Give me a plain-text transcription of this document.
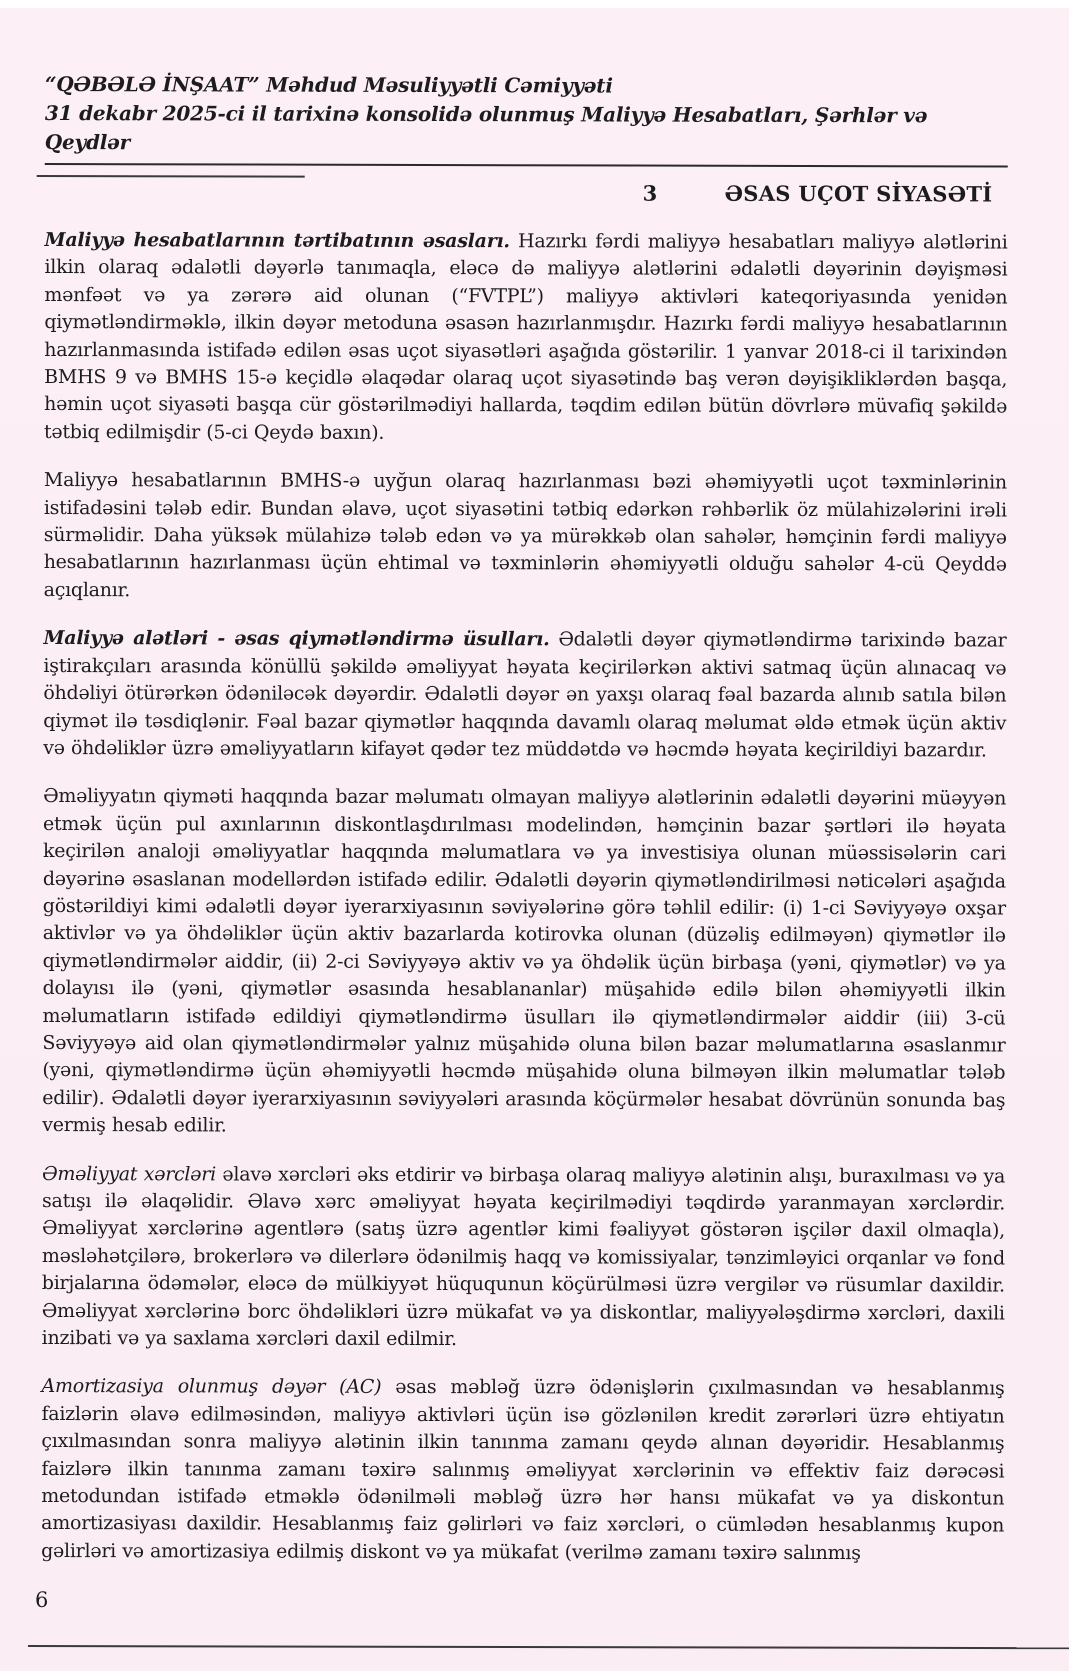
“QƏBƏLƏ İNŞAAT” Məhdud Məsuliyyətli Cəmiyyəti
31 dekabr 2025-ci il tarixinə konsolidə olunmuş Maliyyə Hesabatları, Şərhlər və Qeydlər
3	ƏSAS UÇOT SİYASƏTİ

Maliyyə hesabatlarının tərtibatının əsasları. Hazırkı fərdi maliyyə hesabatları maliyyə alətlərini ilkin olaraq ədalətli dəyərlə tanımaqla, eləcə də maliyyə alətlərini ədalətli dəyərinin dəyişməsi mənfəət və ya zərərə aid olunan (“FVTPL”) maliyyə aktivləri kateqoriyasında yenidən qiymətləndirməklə, ilkin dəyər metoduna əsasən hazırlanmışdır. Hazırkı fərdi maliyyə hesabatlarının hazırlanmasında istifadə edilən əsas uçot siyasətləri aşağıda göstərilir. 1 yanvar 2018-ci il tarixindən BMHS 9 və BMHS 15-ə keçidlə əlaqədar olaraq uçot siyasətində baş verən dəyişikliklərdən başqa, həmin uçot siyasəti başqa cür göstərilmədiyi hallarda, təqdim edilən bütün dövrlərə müvafiq şəkildə tətbiq edilmişdir (5-ci Qeydə baxın).

Maliyyə hesabatlarının BMHS-ə uyğun olaraq hazırlanması bəzi əhəmiyyətli uçot təxminlərinin istifadəsini tələb edir. Bundan əlavə, uçot siyasətini tətbiq edərkən rəhbərlik öz mülahizələrini irəli sürməlidir. Daha yüksək mülahizə tələb edən və ya mürəkkəb olan sahələr, həmçinin fərdi maliyyə hesabatlarının hazırlanması üçün ehtimal və təxminlərin əhəmiyyətli olduğu sahələr 4-cü Qeyddə açıqlanır.

Maliyyə alətləri - əsas qiymətləndirmə üsulları. Ədalətli dəyər qiymətləndirmə tarixində bazar iştirakçıları arasında könüllü şəkildə əməliyyat həyata keçirilərkən aktivi satmaq üçün alınacaq və öhdəliyi ötürərkən ödəniləcək dəyərdir. Ədalətli dəyər ən yaxşı olaraq fəal bazarda alınıb satıla bilən qiymət ilə təsdiqlənir. Fəal bazar qiymətlər haqqında davamlı olaraq məlumat əldə etmək üçün aktiv və öhdəliklər üzrə əməliyyatların kifayət qədər tez müddətdə və həcmdə həyata keçirildiyi bazardır.

Əməliyyatın qiyməti haqqında bazar məlumatı olmayan maliyyə alətlərinin ədalətli dəyərini müəyyən etmək üçün pul axınlarının diskontlaşdırılması modelindən, həmçinin bazar şərtləri ilə həyata keçirilən analoji əməliyyatlar haqqında məlumatlara və ya investisiya olunan müəssisələrin cari dəyərinə əsaslanan modellərdən istifadə edilir. Ədalətli dəyərin qiymətləndirilməsi nəticələri aşağıda göstərildiyi kimi ədalətli dəyər iyerarxiyasının səviyələrinə görə təhlil edilir: (i) 1-ci Səviyyəyə oxşar aktivlər və ya öhdəliklər üçün aktiv bazarlarda kotirovka olunan (düzəliş edilməyən) qiymətlər ilə qiymətləndirmələr aiddir, (ii) 2-ci Səviyyəyə aktiv və ya öhdəlik üçün birbaşa (yəni, qiymətlər) və ya dolayısı ilə (yəni, qiymətlər əsasında hesablananlar) müşahidə edilə bilən əhəmiyyətli ilkin məlumatların istifadə edildiyi qiymətləndirmə üsulları ilə qiymətləndirmələr aiddir (iii) 3-cü Səviyyəyə aid olan qiymətləndirmələr yalnız müşahidə oluna bilən bazar məlumatlarına əsaslanmır (yəni, qiymətləndirmə üçün əhəmiyyətli həcmdə müşahidə oluna bilməyən ilkin məlumatlar tələb edilir). Ədalətli dəyər iyerarxiyasının səviyyələri arasında köçürmələr hesabat dövrünün sonunda baş vermiş hesab edilir.

Əməliyyat xərcləri əlavə xərcləri əks etdirir və birbaşa olaraq maliyyə alətinin alışı, buraxılması və ya satışı ilə əlaqəlidir. Əlavə xərc əməliyyat həyata keçirilmədiyi təqdirdə yaranmayan xərclərdir. Əməliyyat xərclərinə agentlərə (satış üzrə agentlər kimi fəaliyyət göstərən işçilər daxil olmaqla), məsləhətçilərə, brokerlərə və dilerlərə ödənilmiş haqq və komissiyalar, tənzimləyici orqanlar və fond birjalarına ödəmələr, eləcə də mülkiyyət hüququnun köçürülməsi üzrə vergilər və rüsumlar daxildir. Əməliyyat xərclərinə borc öhdəlikləri üzrə mükafat və ya diskontlar, maliyyələşdirmə xərcləri, daxili inzibati və ya saxlama xərcləri daxil edilmir.

Amortizasiya olunmuş dəyər (AC) əsas məbləğ üzrə ödənişlərin çıxılmasından və hesablanmış faizlərin əlavə edilməsindən, maliyyə aktivləri üçün isə gözlənilən kredit zərərləri üzrə ehtiyatın çıxılmasından sonra maliyyə alətinin ilkin tanınma zamanı qeydə alınan dəyəridir. Hesablanmış faizlərə ilkin tanınma zamanı təxirə salınmış əməliyyat xərclərinin və effektiv faiz dərəcəsi metodundan istifadə etməklə ödənilməli məbləğ üzrə hər hansı mükafat və ya diskontun amortizasiyası daxildir. Hesablanmış faiz gəlirləri və faiz xərcləri, o cümlədən hesablanmış kupon gəlirləri və amortizasiya edilmiş diskont və ya mükafat (verilmə zamanı təxirə salınmış

6
